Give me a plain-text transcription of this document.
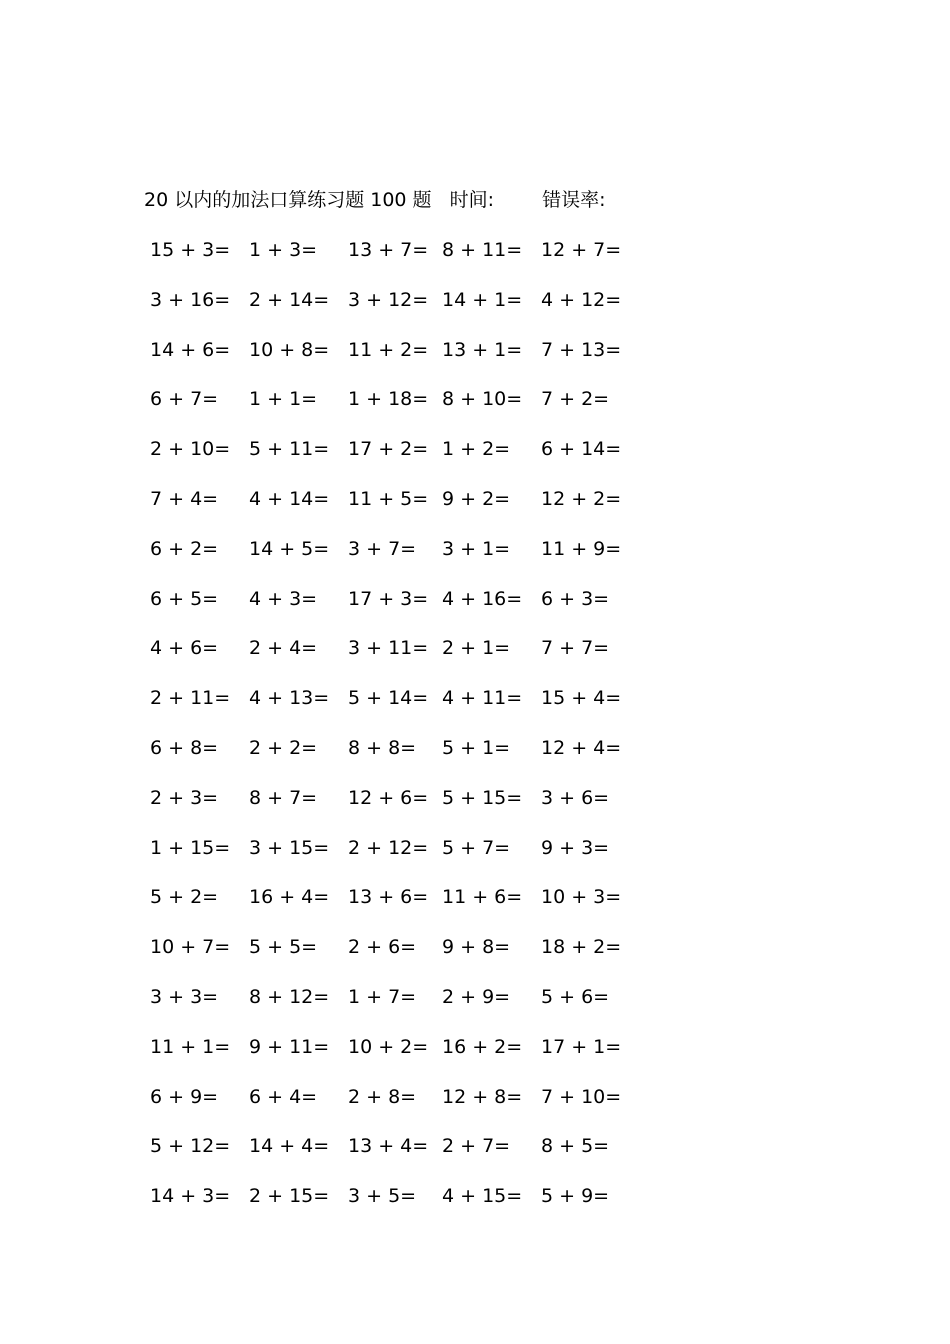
20 以内的加法口算练习题 100 题 时间:	错误率:
15 + 3= 1 + 3= 13 + 7= 8 + 11= 12 + 7=
3 + 16= 2 + 14= 3 + 12= 14 + 1= 4 + 12=
14 + 6= 10 + 8= 11 + 2= 13 + 1= 7 + 13=
6 + 7= 1 + 1= 1 + 18= 8 + 10= 7 + 2=
2 + 10= 5 + 11= 17 + 2= 1 + 2= 6 + 14=
7 + 4= 4 + 14= 11 + 5= 9 + 2= 12 + 2=
6 + 2= 14 + 5= 3 + 7= 3 + 1= 11 + 9=
6 + 5= 4 + 3= 17 + 3= 4 + 16= 6 + 3=
4 + 6= 2 + 4= 3 + 11= 2 + 1= 7 + 7=
2 + 11= 4 + 13= 5 + 14= 4 + 11= 15 + 4=
6 + 8= 2 + 2= 8 + 8= 5 + 1= 12 + 4=
2 + 3= 8 + 7= 12 + 6= 5 + 15= 3 + 6=
1 + 15= 3 + 15= 2 + 12= 5 + 7= 9 + 3=
5 + 2= 16 + 4= 13 + 6= 11 + 6= 10 + 3=
10 + 7= 5 + 5= 2 + 6= 9 + 8= 18 + 2=
3 + 3= 8 + 12= 1 + 7= 2 + 9= 5 + 6=
11 + 1= 9 + 11= 10 + 2= 16 + 2= 17 + 1=
6 + 9= 6 + 4= 2 + 8= 12 + 8= 7 + 10=
5 + 12= 14 + 4= 13 + 4= 2 + 7= 8 + 5=
14 + 3= 2 + 15= 3 + 5= 4 + 15= 5 + 9=
